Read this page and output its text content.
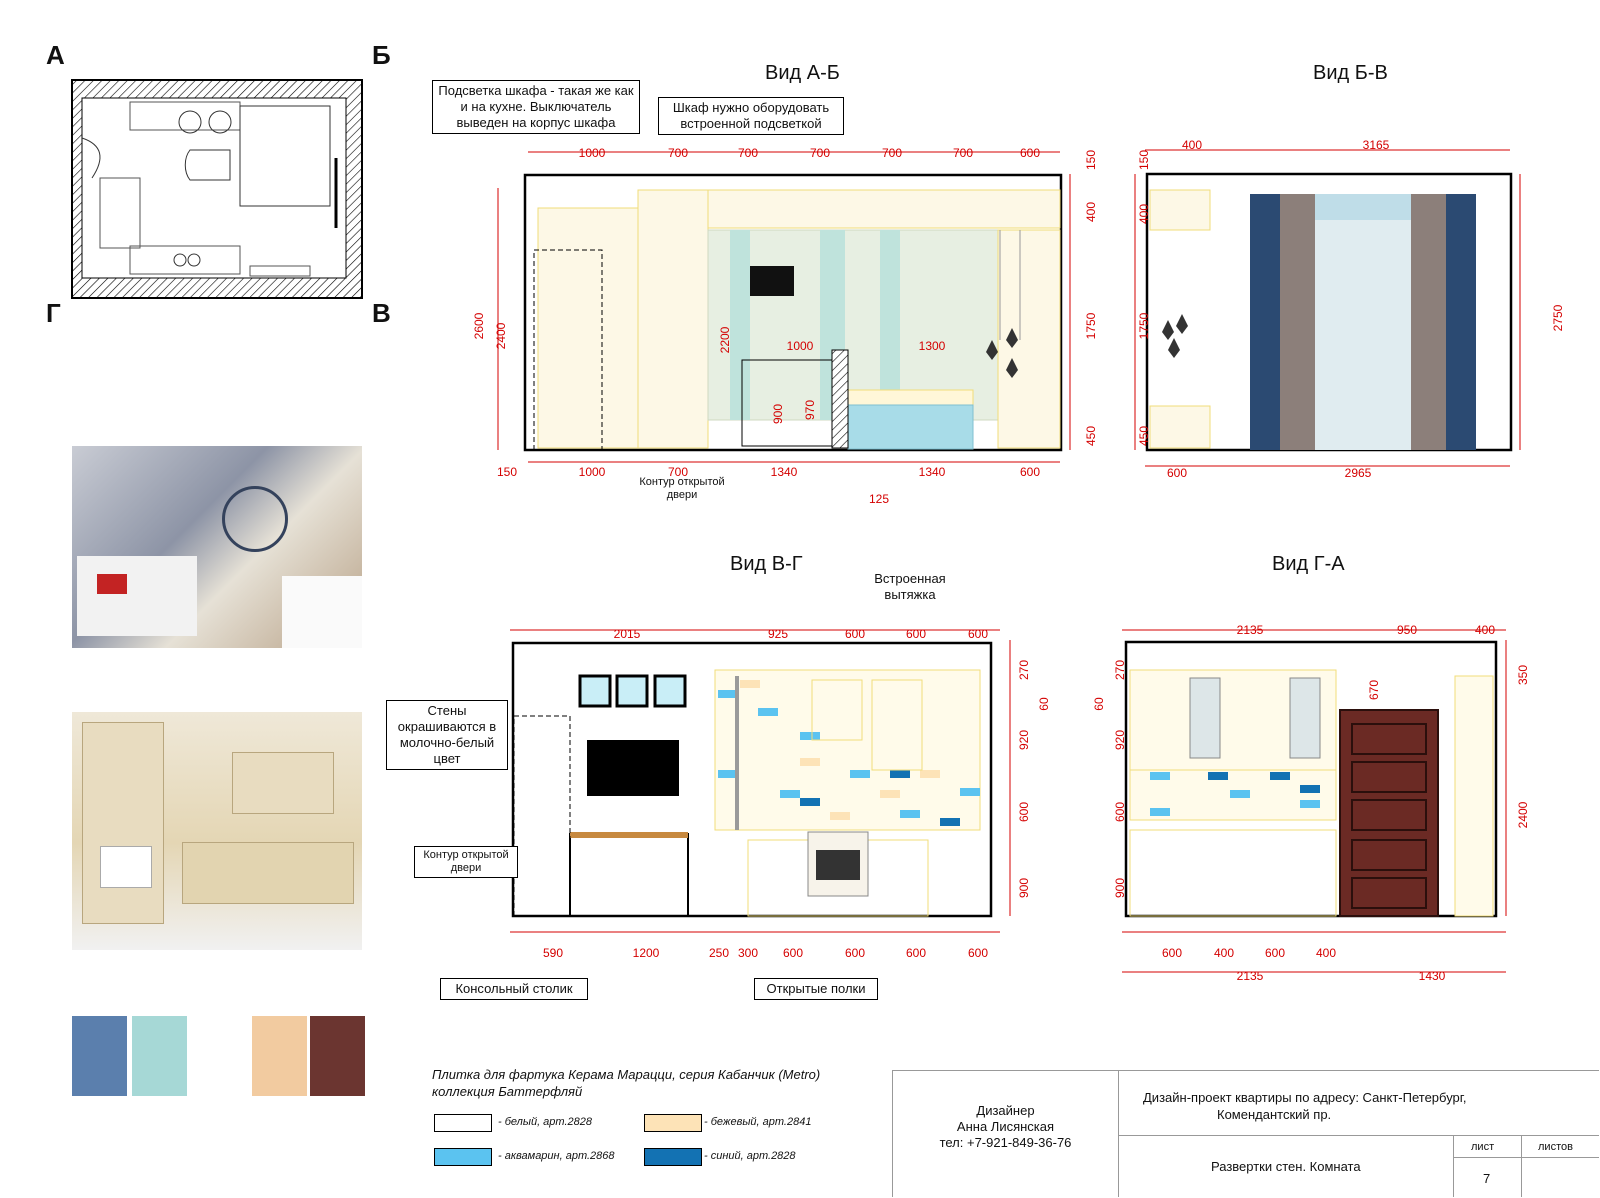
А	Б
Г	В
Вид А-Б	Вид Б-В
Вид В-Г	Вид Г-А
Подсветка шкафа - такая же как и на кухне. Выключатель выведен на корпус шкафа
Шкаф нужно оборудовать встроенной подсветкой
Контур открытой двери
Встроенная вытяжка
Стены окрашиваются в молочно-белый цвет
Контур открытой двери
Консольный столик	Открытые полки
Плитка для фартука Керама Марацци, серия Кабанчик (Metro)
коллекция Баттерфляй
- белый, арт.2828	- бежевый, арт.2841
- аквамарин, арт.2868	- синий, арт.2828
Дизайнер
Анна Лисянская
тел: +7-921-849-36-76
Дизайн-проект квартиры по адресу: Санкт-Петербург,
Комендантский пр.
Развертки стен. Комната
лист	листов
7
1000	700	700	700	700	700	600	150
400
1750
450
2600 2400	2200
150	1000	700	1340	1340	600
1000	1300
900 970
125
400	3165
150
400
1750
450
2750
600	2965
2015	925	600	600	600
270
60
920
600
900
590	1200	250 300 600	600	600	600
2135	950	400
270
60
920
600
900
350
670
2400
600	400	600	400
2135	1430
